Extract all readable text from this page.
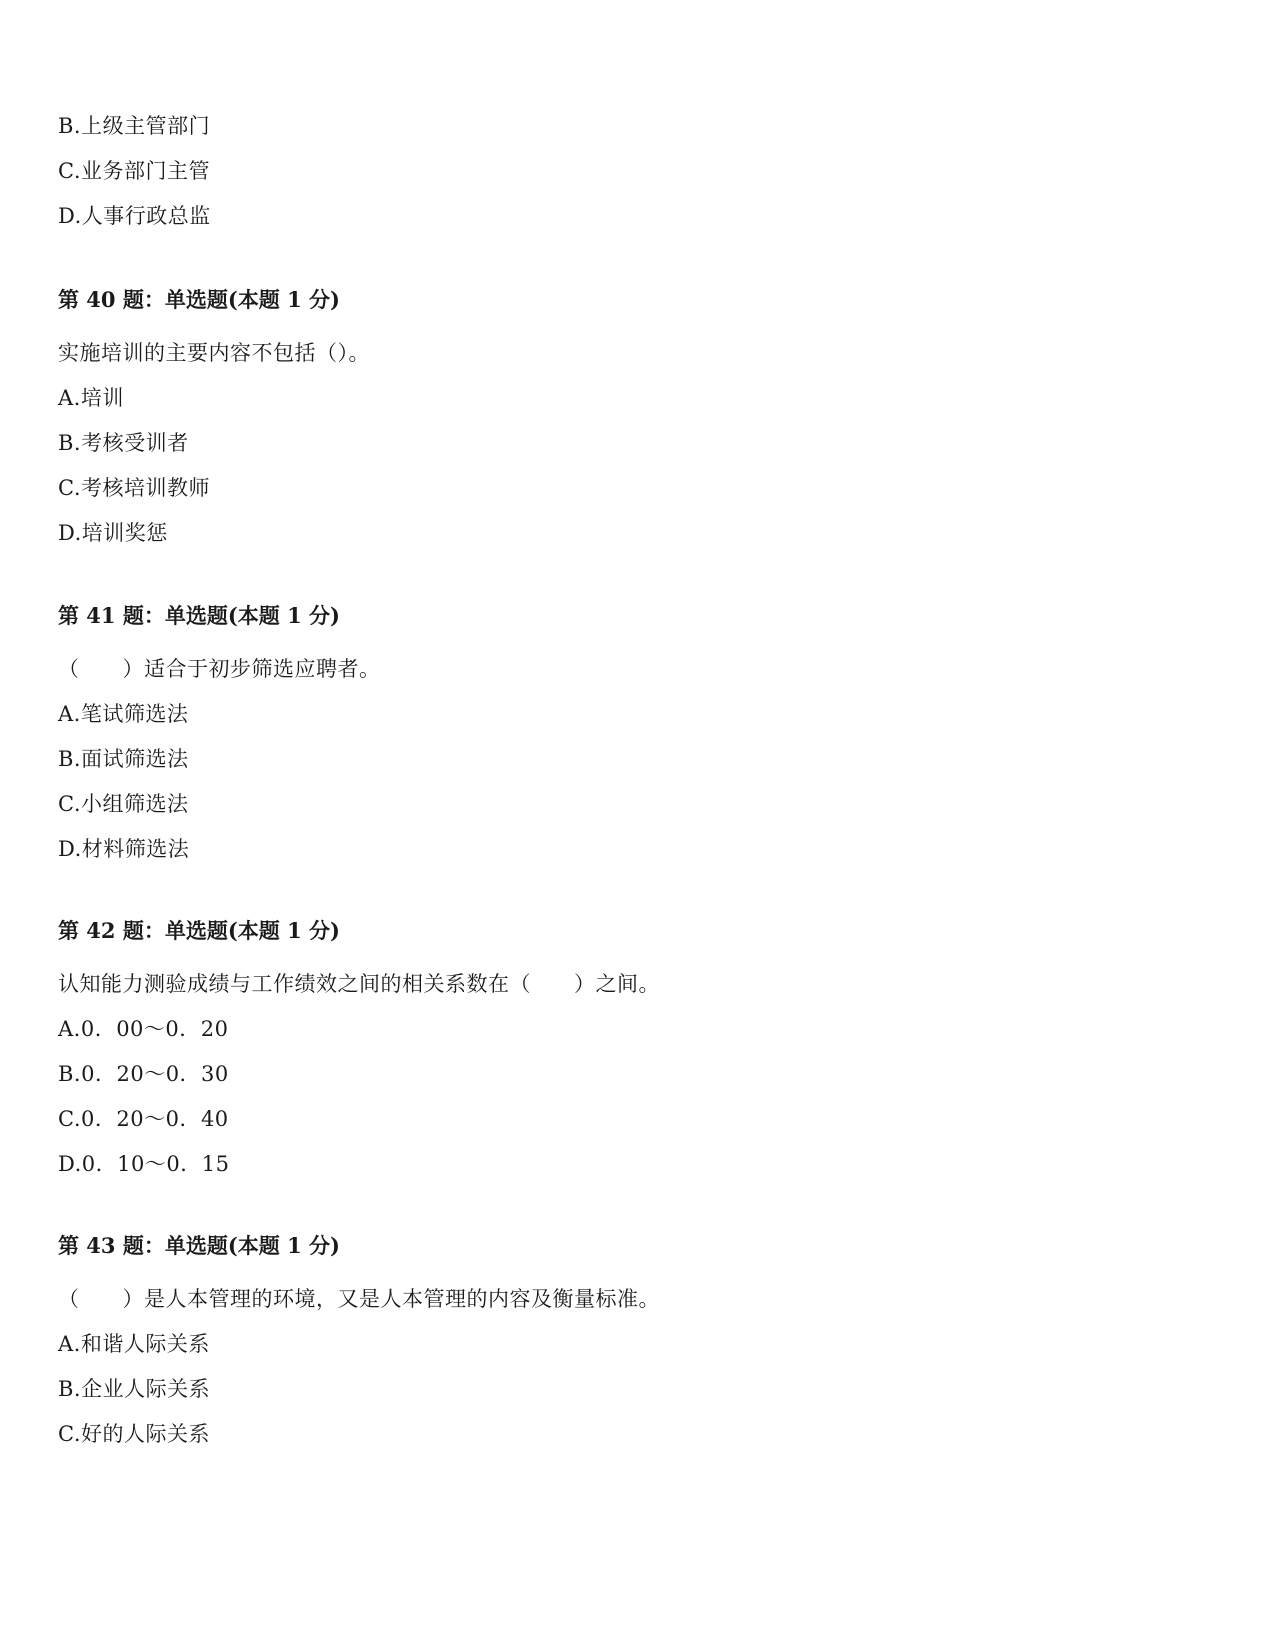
B.上级主管部门
C.业务部门主管
D.人事行政总监
第 40 题：单选题(本题 1 分)
实施培训的主要内容不包括（）。
A.培训
B.考核受训者
C.考核培训教师
D.培训奖惩
第 41 题：单选题(本题 1 分)
（　　）适合于初步筛选应聘者。
A.笔试筛选法
B.面试筛选法
C.小组筛选法
D.材料筛选法
第 42 题：单选题(本题 1 分)
认知能力测验成绩与工作绩效之间的相关系数在（　　）之间。
A.0．00～0．20
B.0．20～0．30
C.0．20～0．40
D.0．10～0．15
第 43 题：单选题(本题 1 分)
（　　）是人本管理的环境，又是人本管理的内容及衡量标准。
A.和谐人际关系
B.企业人际关系
C.好的人际关系
